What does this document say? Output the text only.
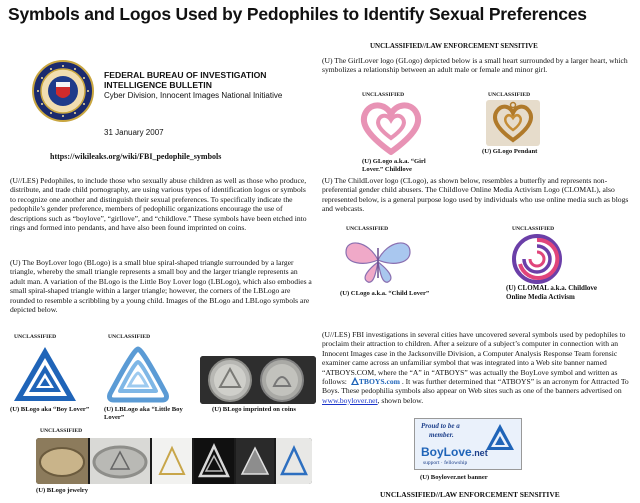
Symbols and Logos Used by Pedophiles to Identify Sexual Preferences
UNCLASSIFIED//LAW ENFORCEMENT SENSITIVE
FEDERAL BUREAU OF INVESTIGATION
INTELLIGENCE BULLETIN
Cyber Division, Innocent Images National Initiative
31 January 2007
https://wikileaks.org/wiki/FBI_pedophile_symbols
(U//LES) Pedophiles, to include those who sexually abuse children as well as those who produce, distribute, and trade child pornography, are using various types of identification logos or symbols to recognize one another and distinguish their sexual preferences. To specifically indicate the pedophile’s gender preference, members of pedophilic organizations encourage the use of descriptions such as “boylove”, “girllove”, and “childlove.” These symbols have been etched into rings and formed into pendants, and have also been found imprinted on coins.
(U) The BoyLover logo (BLogo) is a small blue spiral-shaped triangle surrounded by a larger triangle, whereby the small triangle represents a small boy and the larger triangle represents an adult man. A variation of the BLogo is the Little Boy Lover logo (LBLogo), which also embodies a small spiral-shaped triangle within a larger triangle; however, the corners of the LBLogo are rounded to resemble a scribbling by a young child. Images of the BLogo and LBLogo symbols are depicted below.
UNCLASSIFIED
(U) BLogo aka “Boy Lover”
UNCLASSIFIED
(U) LBLogo aka “Little Boy Lover”
(U) BLogo imprinted on coins
UNCLASSIFIED
(U) BLogo jewelry
(U) The GirlLover logo (GLogo) depicted below is a small heart surrounded by a larger heart, which symbolizes a relationship between an adult male or female and minor girl.
UNCLASSIFIED
(U) GLogo a.k.a. “Girl Lover.” Childlove
UNCLASSIFIED
(U) GLogo Pendant
(U) The ChildLover logo (CLogo), as shown below, resembles a butterfly and represents non-preferential gender child abusers. The Childlove Online Media Activism Logo (CLOMAL), also represented below, is a general purpose logo used by individuals who use online media such as blogs and webcasts.
UNCLASSIFIED
(U) CLogo a.k.a. “Child Lover”
UNCLASSIFIED
(U) CLOMAL a.k.a. Childlove Online Media Activism
(U//LES) FBI investigations in several cities have uncovered several symbols used by pedophiles to proclaim their attraction to children. After a seizure of a subject’s computer in connection with an Innocent Images case in the Jacksonville Division, a Computer Analysis Response Team forensic examiner came across an unfamiliar symbol that was integrated into a Web site banner named “ATBOYS.COM, where the “A” in “ATBOYS” was actually the BoyLove symbol and written as follows: TBOYS.com . It was further determined that “ATBOYS” is an acronym for Attracted To Boys. These pedophilia symbols also appear on Web sites such as one of the banners advertised on www.boylover.net, shown below.
Proud to be a
member.
BoyLove.net
support · fellowship
(U) Boylover.net banner
UNCLASSIFIED//LAW ENFORCEMENT SENSITIVE
